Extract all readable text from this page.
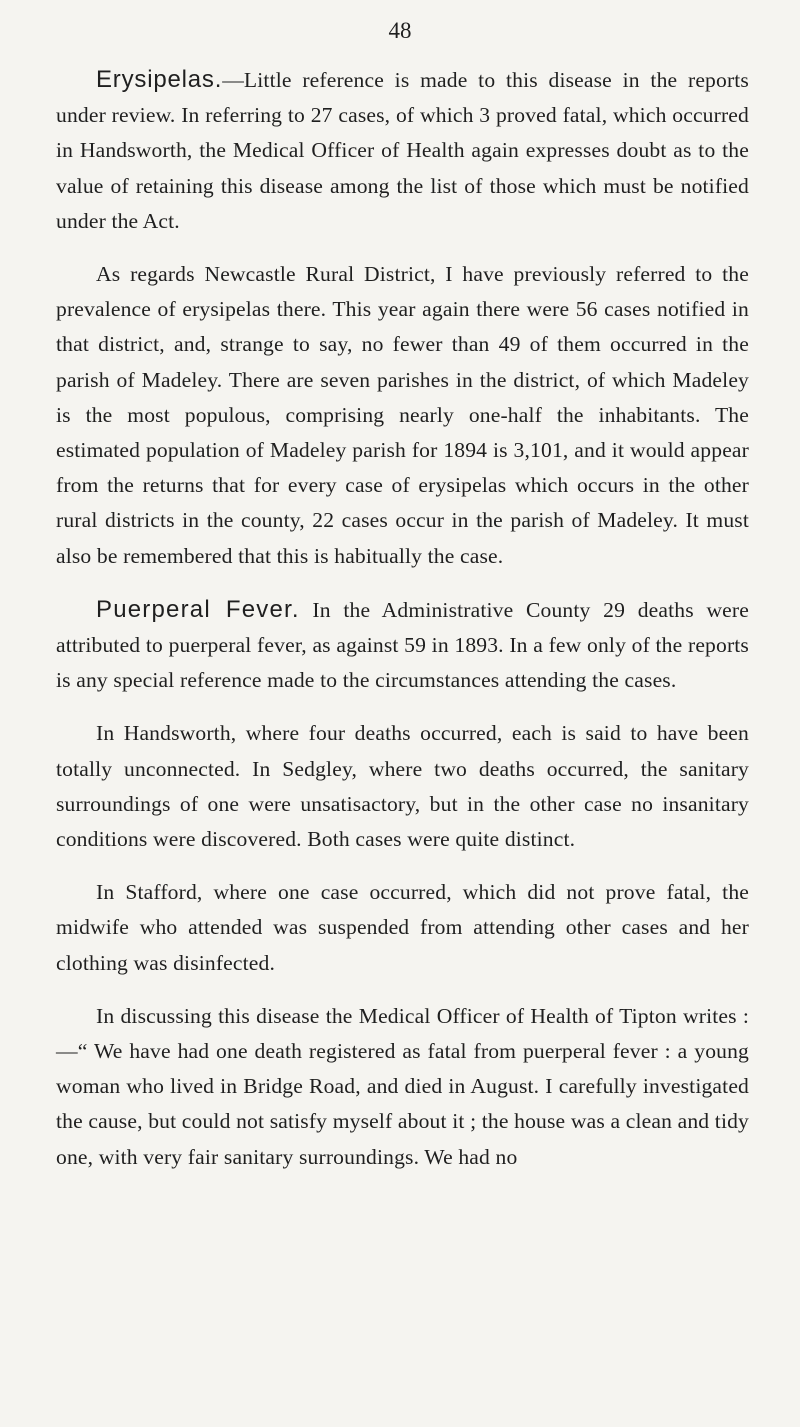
48

Erysipelas.—Little reference is made to this disease in the reports under review. In referring to 27 cases, of which 3 proved fatal, which occurred in Handsworth, the Medical Officer of Health again expresses doubt as to the value of retaining this disease among the list of those which must be notified under the Act.

As regards Newcastle Rural District, I have previously referred to the prevalence of erysipelas there. This year again there were 56 cases notified in that district, and, strange to say, no fewer than 49 of them occurred in the parish of Madeley. There are seven parishes in the district, of which Madeley is the most populous, comprising nearly one-half the inhabitants. The estimated population of Madeley parish for 1894 is 3,101, and it would appear from the returns that for every case of erysipelas which occurs in the other rural districts in the county, 22 cases occur in the parish of Madeley. It must also be remembered that this is habitually the case.

Puerperal Fever. In the Administrative County 29 deaths were attributed to puerperal fever, as against 59 in 1893. In a few only of the reports is any special reference made to the circumstances attending the cases.

In Handsworth, where four deaths occurred, each is said to have been totally unconnected. In Sedgley, where two deaths occurred, the sanitary surroundings of one were unsatisactory, but in the other case no insanitary conditions were discovered. Both cases were quite distinct.

In Stafford, where one case occurred, which did not prove fatal, the midwife who attended was suspended from attending other cases and her clothing was disinfected.

In discussing this disease the Medical Officer of Health of Tipton writes :—“ We have had one death registered as fatal from puerperal fever : a young woman who lived in Bridge Road, and died in August. I carefully investigated the cause, but could not satisfy myself about it ; the house was a clean and tidy one, with very fair sanitary surroundings. We had no
